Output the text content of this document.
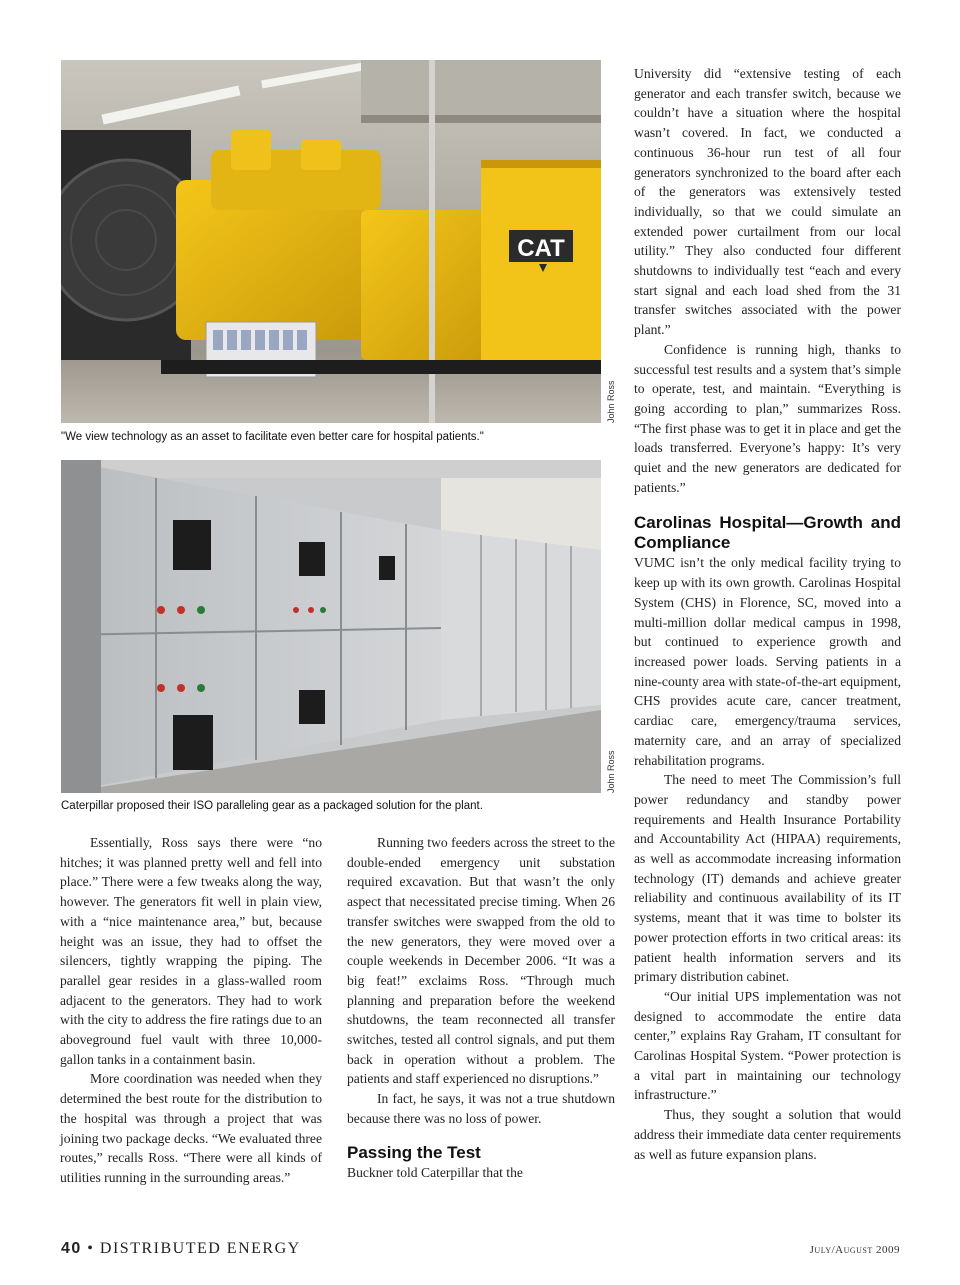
CAT
John Ross
"We view technology as an asset to facilitate even better care for hospital patients."
John Ross
Caterpillar proposed their ISO paralleling gear as a packaged solution for the plant.

Essentially, Ross says there were “no hitches; it was planned pretty well and fell into place.” There were a few tweaks along the way, however. The generators fit well in plain view, with a “nice maintenance area,” but, because height was an issue, they had to offset the silencers, tightly wrapping the piping. The parallel gear resides in a glass-walled room adjacent to the generators. They had to work with the city to address the fire ratings due to an aboveground fuel vault with three 10,000-gallon tanks in a containment basin.

More coordination was needed when they determined the best route for the distribution to the hospital was through a project that was joining two package decks. “We evaluated three routes,” recalls Ross. “There were all kinds of utilities running in the surrounding areas.”

Running two feeders across the street to the double-ended emergency unit substation required excavation. But that wasn’t the only aspect that necessitated precise timing. When 26 transfer switches were swapped from the old to the new generators, they were moved over a couple weekends in December 2006. “It was a big feat!” exclaims Ross. “Through much planning and preparation before the weekend shutdowns, the team reconnected all transfer switches, tested all control signals, and put them back in operation without a problem. The patients and staff experienced no disruptions.”

In fact, he says, it was not a true shutdown because there was no loss of power.

Passing the Test

Buckner told Caterpillar that the

University did “extensive testing of each generator and each transfer switch, because we couldn’t have a situation where the hospital wasn’t covered. In fact, we conducted a continuous 36-hour run test of all four generators synchronized to the board after each of the generators was extensively tested individually, so that we could simulate an extended power curtailment from our local utility.” They also conducted four different shutdowns to individually test “each and every start signal and each load shed from the 31 transfer switches associated with the power plant.”

Confidence is running high, thanks to successful test results and a system that’s simple to operate, test, and maintain. “Everything is going according to plan,” summarizes Ross. “The first phase was to get it in place and get the loads transferred. Everyone’s happy: It’s very quiet and the new generators are dedicated for patients.”

Carolinas Hospital—Growth and Compliance

VUMC isn’t the only medical facility trying to keep up with its own growth. Carolinas Hospital System (CHS) in Florence, SC, moved into a multi-million dollar medical campus in 1998, but continued to experience growth and increased power loads. Serving patients in a nine-county area with state-of-the-art equipment, CHS provides acute care, cancer treatment, cardiac care, emergency/trauma services, maternity care, and an array of specialized rehabilitation programs.

The need to meet The Commission’s full power redundancy and standby power requirements and Health Insurance Portability and Accountability Act (HIPAA) requirements, as well as accommodate increasing information technology (IT) demands and achieve greater reliability and continuous availability of its IT systems, meant that it was time to bolster its power protection efforts in two critical areas: its patient health information servers and its primary distribution cabinet.

“Our initial UPS implementation was not designed to accommodate the entire data center,” explains Ray Graham, IT consultant for Carolinas Hospital System. “Power protection is a vital part in maintaining our technology infrastructure.”

Thus, they sought a solution that would address their immediate data center requirements as well as future expansion plans.

40 • DISTRIBUTED ENERGY	July/August 2009
